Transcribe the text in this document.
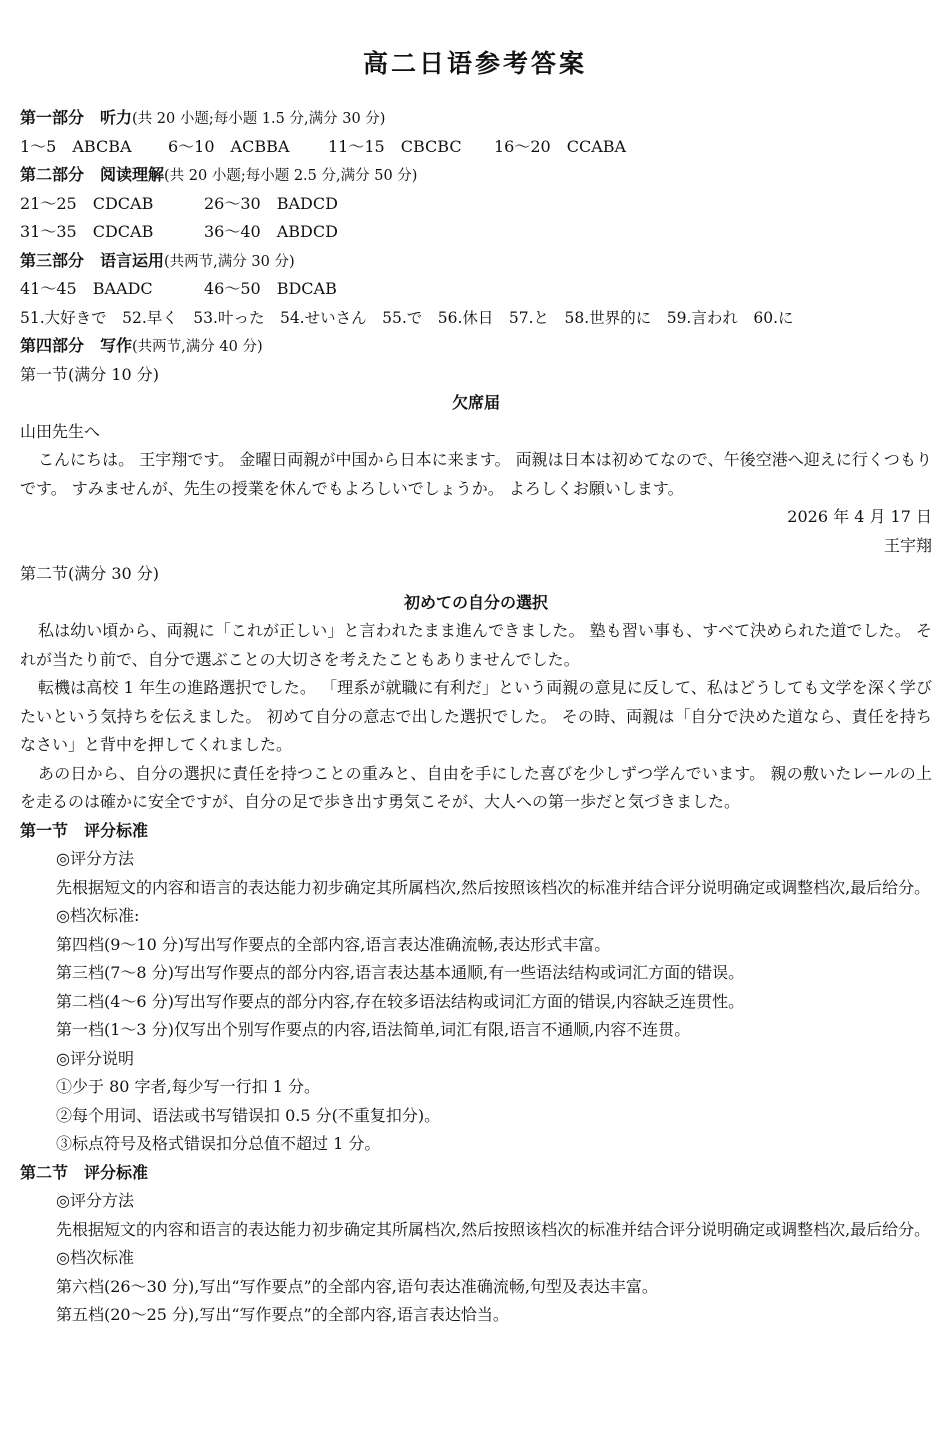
高二日语参考答案
第一部分　听力(共 20 小题;每小题 1.5 分,满分 30 分)
1～5　ABCBA 6～10　ACBBA 11～15　CBCBC 16～20　CCABA
第二部分　阅读理解(共 20 小题;每小题 2.5 分,满分 50 分)
21～25　CDCAB	26～30　BADCD
31～35　CDCAB	36～40　ABDCD
第三部分　语言运用(共两节,满分 30 分)
41～45　BAADC	46～50　BDCAB
51.大好きで　52.早く　53.叶った　54.せいさん　55.で　56.休日　57.と　58.世界的に　59.言われ　60.に
第四部分　写作(共两节,满分 40 分)
第一节(满分 10 分)
欠席届
山田先生へ
こんにちは。 王宇翔です。 金曜日両親が中国から日本に来ます。 両親は日本は初めてなので、午後空港へ迎えに行くつもりです。 すみませんが、先生の授業を休んでもよろしいでしょうか。 よろしくお願いします。
2026 年 4 月 17 日
王宇翔
第二节(满分 30 分)
初めての自分の選択
私は幼い頃から、両親に「これが正しい」と言われたまま進んできました。 塾も習い事も、すべて決められた道でした。 それが当たり前で、自分で選ぶことの大切さを考えたこともありませんでした。
転機は高校 1 年生の進路選択でした。 「理系が就職に有利だ」という両親の意見に反して、私はどうしても文学を深く学びたいという気持ちを伝えました。 初めて自分の意志で出した選択でした。 その時、両親は「自分で決めた道なら、責任を持ちなさい」と背中を押してくれました。
あの日から、自分の選択に責任を持つことの重みと、自由を手にした喜びを少しずつ学んでいます。 親の敷いたレールの上を走るのは確かに安全ですが、自分の足で歩き出す勇気こそが、大人への第一歩だと気づきました。
第一节　评分标准
◎评分方法
先根据短文的内容和语言的表达能力初步确定其所属档次,然后按照该档次的标准并结合评分说明确定或调整档次,最后给分。
◎档次标准:
第四档(9～10 分)写出写作要点的全部内容,语言表达准确流畅,表达形式丰富。
第三档(7～8 分)写出写作要点的部分内容,语言表达基本通顺,有一些语法结构或词汇方面的错误。
第二档(4～6 分)写出写作要点的部分内容,存在较多语法结构或词汇方面的错误,内容缺乏连贯性。
第一档(1～3 分)仅写出个别写作要点的内容,语法简单,词汇有限,语言不通顺,内容不连贯。
◎评分说明
①少于 80 字者,每少写一行扣 1 分。
②每个用词、语法或书写错误扣 0.5 分(不重复扣分)。
③标点符号及格式错误扣分总值不超过 1 分。
第二节　评分标准
◎评分方法
先根据短文的内容和语言的表达能力初步确定其所属档次,然后按照该档次的标准并结合评分说明确定或调整档次,最后给分。
◎档次标准
第六档(26～30 分),写出“写作要点”的全部内容,语句表达准确流畅,句型及表达丰富。
第五档(20～25 分),写出“写作要点”的全部内容,语言表达恰当。
